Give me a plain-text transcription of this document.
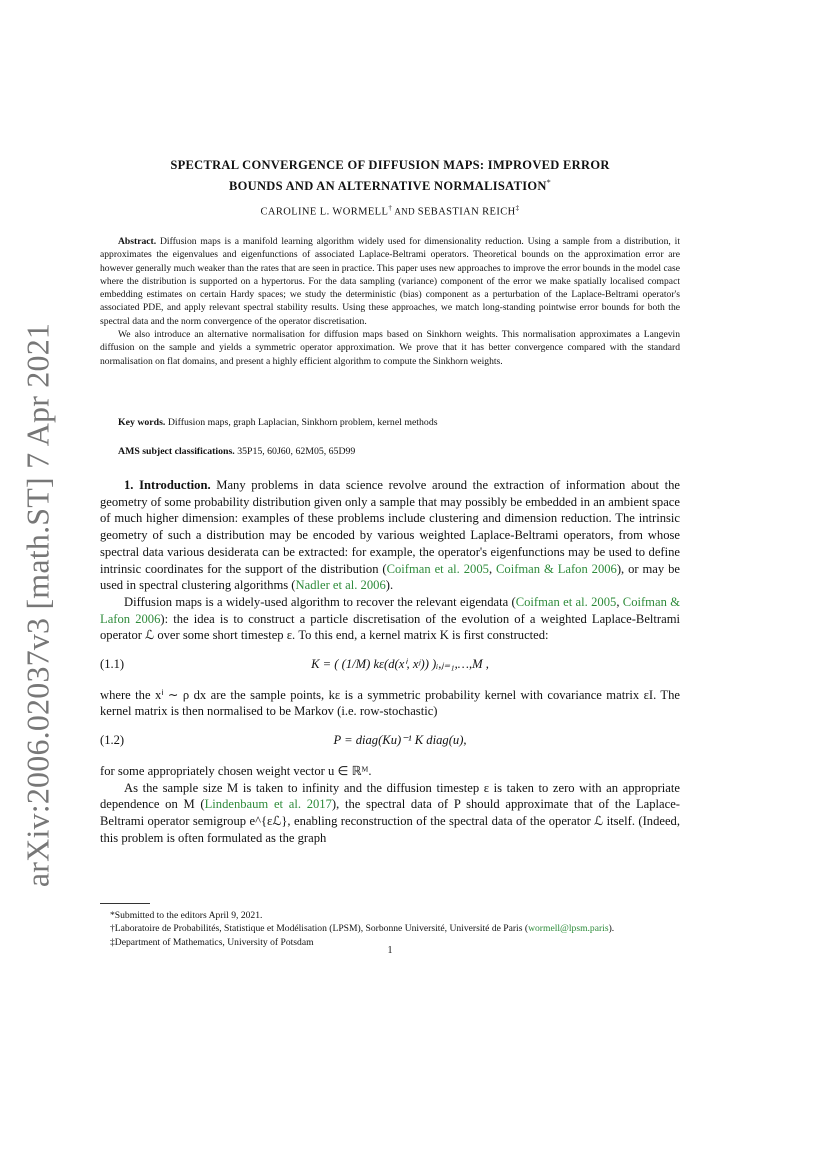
arXiv:2006.02037v3 [math.ST] 7 Apr 2021
SPECTRAL CONVERGENCE OF DIFFUSION MAPS: IMPROVED ERROR
BOUNDS AND AN ALTERNATIVE NORMALISATION*
CAROLINE L. WORMELL† AND SEBASTIAN REICH‡

Abstract. Diffusion maps is a manifold learning algorithm widely used for dimensionality reduction. Using a sample from a distribution, it approximates the eigenvalues and eigenfunctions of associated Laplace-Beltrami operators. Theoretical bounds on the approximation error are however generally much weaker than the rates that are seen in practice. This paper uses new approaches to improve the error bounds in the model case where the distribution is supported on a hypertorus. For the data sampling (variance) component of the error we make spatially localised compact embedding estimates on certain Hardy spaces; we study the deterministic (bias) component as a perturbation of the Laplace-Beltrami operator's associated PDE, and apply relevant spectral stability results. Using these approaches, we match long-standing pointwise error bounds for both the spectral data and the norm convergence of the operator discretisation.

We also introduce an alternative normalisation for diffusion maps based on Sinkhorn weights. This normalisation approximates a Langevin diffusion on the sample and yields a symmetric operator approximation. We prove that it has better convergence compared with the standard normalisation on flat domains, and present a highly efficient algorithm to compute the Sinkhorn weights.

Key words. Diffusion maps, graph Laplacian, Sinkhorn problem, kernel methods
AMS subject classifications. 35P15, 60J60, 62M05, 65D99

1. Introduction. Many problems in data science revolve around the extraction of information about the geometry of some probability distribution given only a sample that may possibly be embedded in an ambient space of much higher dimension: examples of these problems include clustering and dimension reduction. The intrinsic geometry of such a distribution may be encoded by various weighted Laplace-Beltrami operators, from whose spectral data various desiderata can be extracted: for example, the operator's eigenfunctions may be used to define intrinsic coordinates for the support of the distribution (Coifman et al. 2005, Coifman & Lafon 2006), or may be used in spectral clustering algorithms (Nadler et al. 2006).

Diffusion maps is a widely-used algorithm to recover the relevant eigendata (Coifman et al. 2005, Coifman & Lafon 2006): the idea is to construct a particle discretisation of the evolution of a weighted Laplace-Beltrami operator ℒ over some short timestep ε. To this end, a kernel matrix K is first constructed:

(1.1)	K = ( (1/M) kε(d(xⁱ, xʲ)) )ᵢ,ⱼ₌₁,…,M ,

where the xⁱ ∼ ρ dx are the sample points, kε is a symmetric probability kernel with covariance matrix εI. The kernel matrix is then normalised to be Markov (i.e. row-stochastic)

(1.2)	P = diag(Ku)⁻¹ K diag(u),

for some appropriately chosen weight vector u ∈ ℝᴹ.

As the sample size M is taken to infinity and the diffusion timestep ε is taken to zero with an appropriate dependence on M (Lindenbaum et al. 2017), the spectral data of P should approximate that of the Laplace-Beltrami operator semigroup e^{εℒ}, enabling reconstruction of the spectral data of the operator ℒ itself. (Indeed, this problem is often formulated as the graph

*Submitted to the editors April 9, 2021.

†Laboratoire de Probabilités, Statistique et Modélisation (LPSM), Sorbonne Université, Université de Paris (wormell@lpsm.paris).

‡Department of Mathematics, University of Potsdam

1
